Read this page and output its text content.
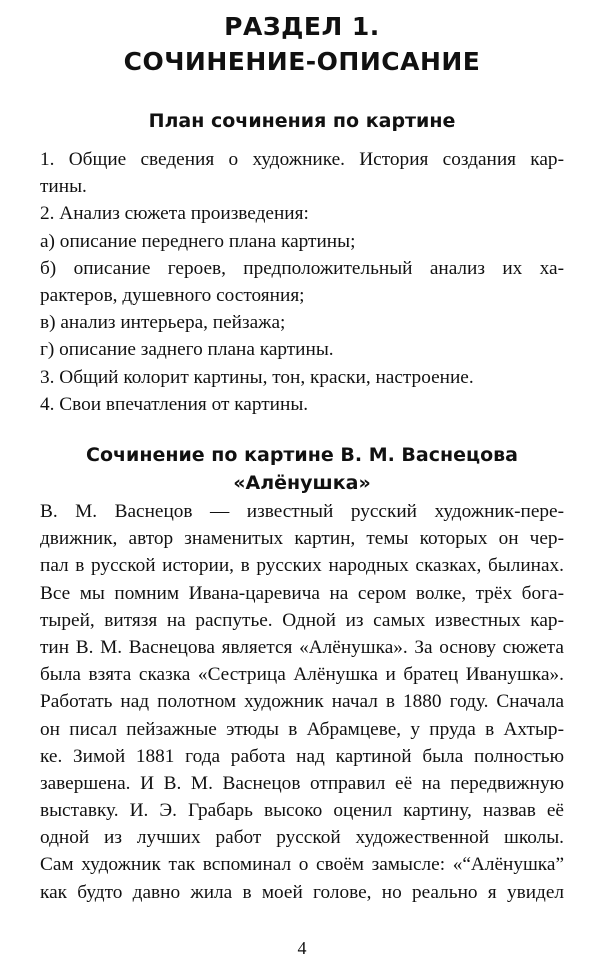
РАЗДЕЛ 1.
СОЧИНЕНИЕ-ОПИСАНИЕ
План сочинения по картине
1. Общие сведения о художнике. История создания кар-
тины.
2. Анализ сюжета произведения:
а) описание переднего плана картины;
б) описание героев, предположительный анализ их ха-
рактеров, душевного состояния;
в) анализ интерьера, пейзажа;
г) описание заднего плана картины.
3. Общий колорит картины, тон, краски, настроение.
4. Свои впечатления от картины.
Сочинение по картине В. М. Васнецова
«Алёнушка»
В. М. Васнецов — известный русский художник-пере-
движник, автор знаменитых картин, темы которых он чер-
пал в русской истории, в русских народных сказках, былинах.
Все мы помним Ивана-царевича на сером волке, трёх бога-
тырей, витязя на распутье. Одной из самых известных кар-
тин В. М. Васнецова является «Алёнушка». За основу сюжета
была взята сказка «Сестрица Алёнушка и братец Иванушка».
Работать над полотном художник начал в 1880 году. Сначала
он писал пейзажные этюды в Абрамцеве, у пруда в Ахтыр-
ке. Зимой 1881 года работа над картиной была полностью
завершена. И В. М. Васнецов отправил её на передвижную
выставку. И. Э. Грабарь высоко оценил картину, назвав её
одной из лучших работ русской художественной школы.
Сам художник так вспоминал о своём замысле: «“Алёнушка”
как будто давно жила в моей голове, но реально я увидел
4
